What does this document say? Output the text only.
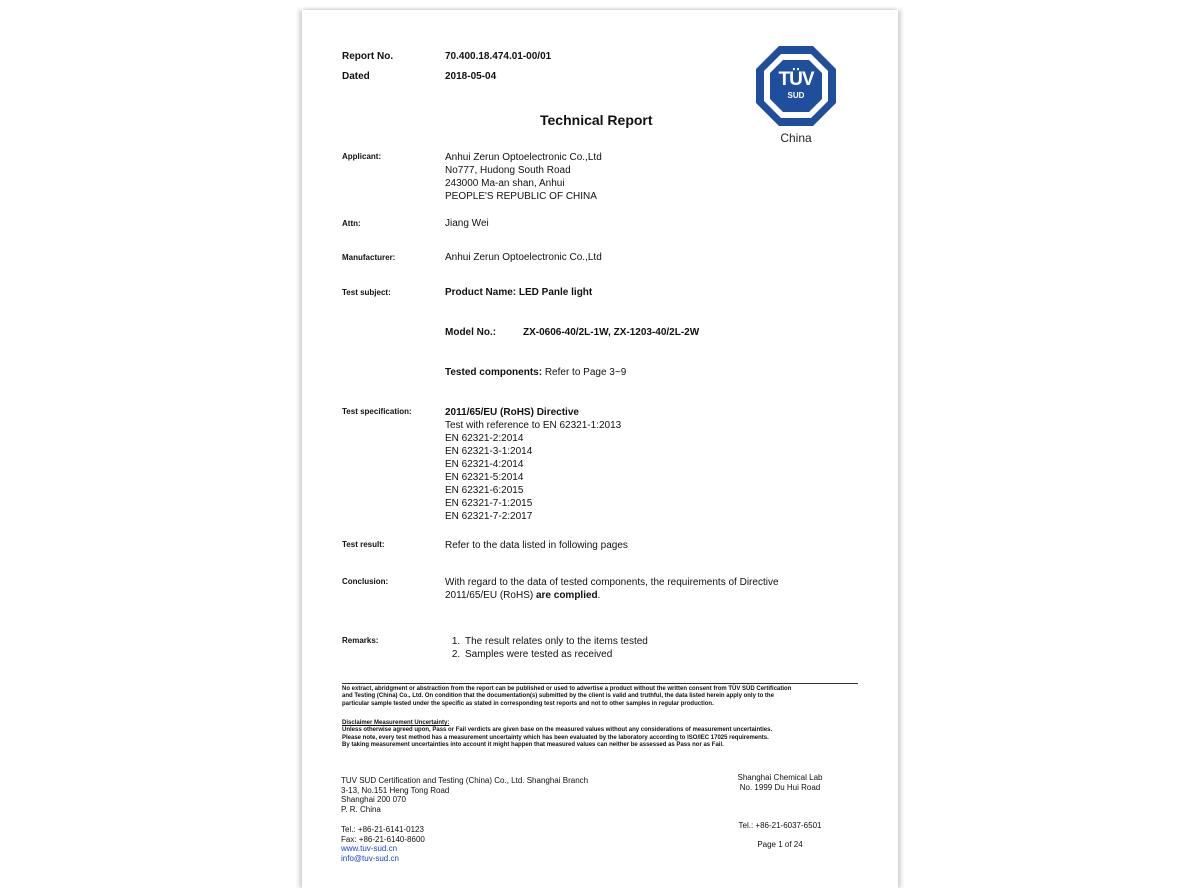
Report No.	70.400.18.474.01-00/01
Dated	2018-05-04
Technical Report
TÜV
SUD
China
Applicant:	Anhui Zerun Optoelectronic Co.,Ltd
No777, Hudong South Road
243000 Ma-an shan, Anhui
PEOPLE'S REPUBLIC OF CHINA
Attn:	Jiang Wei
Manufacturer:	Anhui Zerun Optoelectronic Co.,Ltd
Test subject:	Product Name: LED Panle light
Model No.:	ZX-0606-40/2L-1W, ZX-1203-40/2L-2W
Tested components: Refer to Page 3~9
Test specification:	2011/65/EU (RoHS) Directive
Test with reference to EN 62321-1:2013
EN 62321-2:2014
EN 62321-3-1:2014
EN 62321-4:2014
EN 62321-5:2014
EN 62321-6:2015
EN 62321-7-1:2015
EN 62321-7-2:2017
Test result:	Refer to the data listed in following pages
Conclusion:	With regard to the data of tested components, the requirements of Directive
2011/65/EU (RoHS) are complied.
Remarks:
1.	The result relates only to the items tested
2. Samples were tested as received
No extract, abridgment or abstraction from the report can be published or used to advertise a product without the written consent from TÜV SÜD Certification
and Testing (China) Co., Ltd. On condition that the documentation(s) submitted by the client is valid and truthful, the data listed herein apply only to the
particular sample tested under the specific as stated in corresponding test reports and not to other samples in regular production.
Disclaimer Measurement Uncertainty:
Unless otherwise agreed upon, Pass or Fail verdicts are given base on the measured values without any considerations of measurement uncertainties.
Please note, every test method has a measurement uncertainty which has been evaluated by the laboratory according to ISO/IEC 17025 requirements.
By taking measurement uncertainties into account it might happen that measured values can neither be assessed as Pass nor as Fail.
TUV SUD Certification and Testing (China) Co., Ltd. Shanghai Branch
3-13, No.151 Heng Tong Road
Shanghai 200 070
P. R. China
Tel.: +86-21-6141-0123
Fax: +86-21-6140-8600
www.tuv-sud.cn
info@tuv-sud.cn
Shanghai Chemical Lab
No. 1999 Du Hui Road
Tel.: +86-21-6037-6501
Page 1 of 24
